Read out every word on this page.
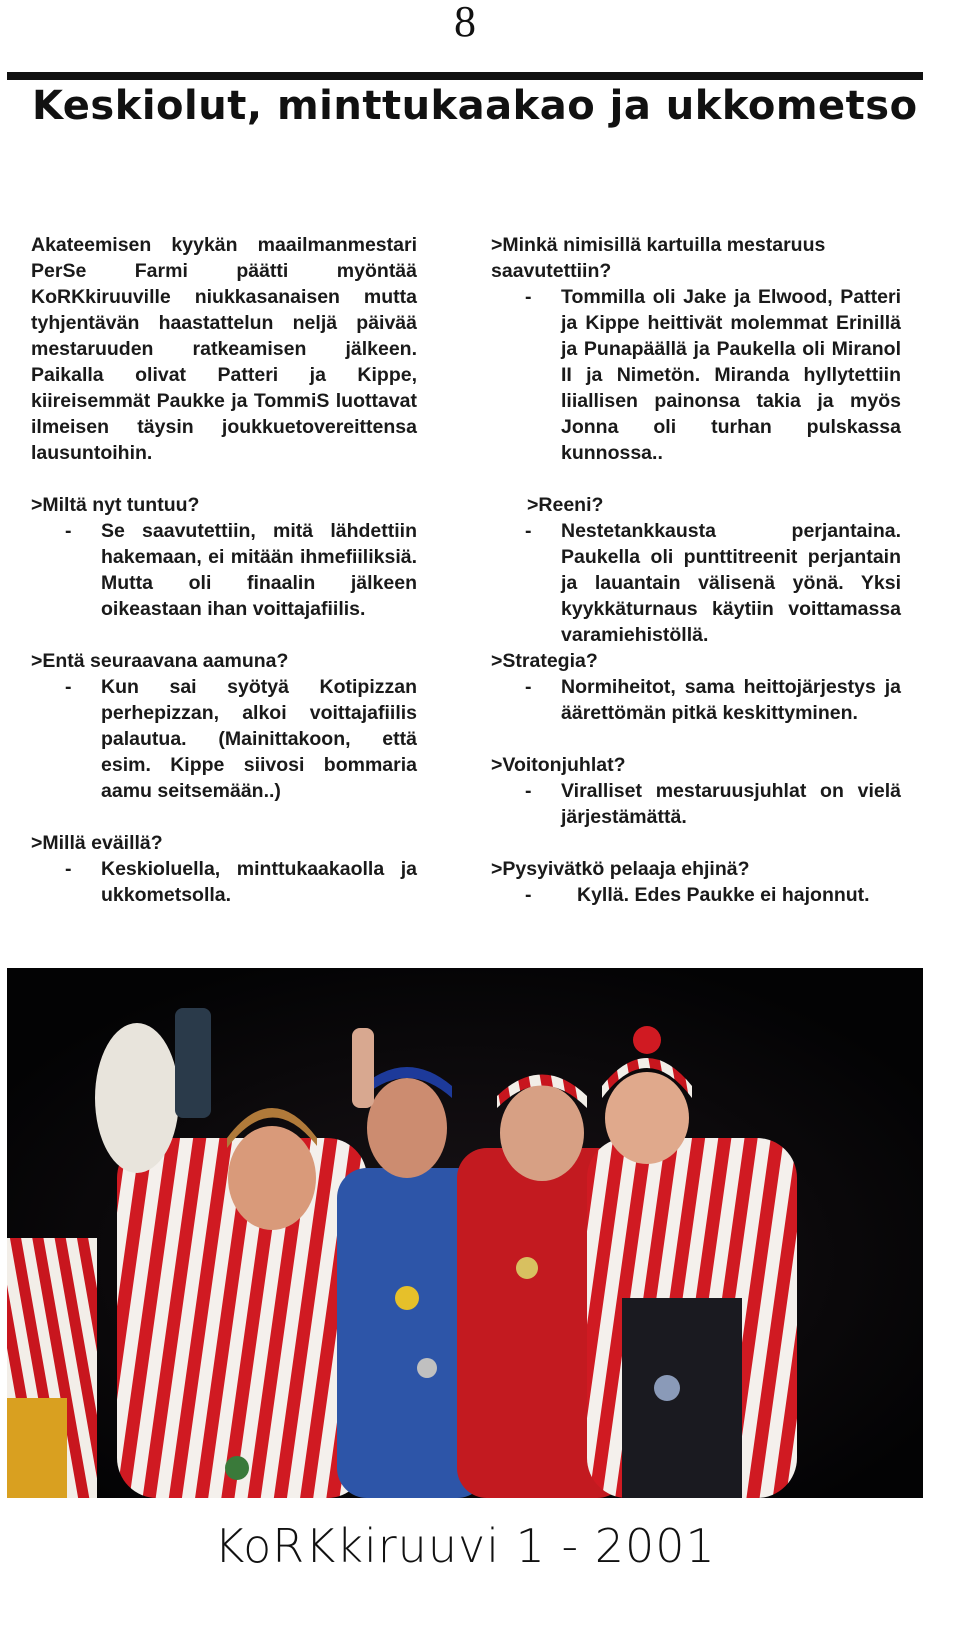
8
Keskiolut, minttukaakao ja ukkometso

Akateemisen kyykän maailmanmestari PerSe Farmi päätti myöntää KoRKkiruuville niukkasanaisen mutta tyhjentävän haastattelun neljä päivää mestaruuden ratkeamisen jälkeen. Paikalla olivat Patteri ja Kippe, kiireisemmät Paukke ja TommiS luottavat ilmeisen täysin joukkuetovereittensa lausuntoihin.

>Miltä nyt tuntuu?

-	Se saavutettiin, mitä lähdettiin hakemaan, ei mitään ihmefiiliksiä. Mutta oli finaalin jälkeen oikeastaan ihan voittajafiilis.

>Entä seuraavana aamuna?

-	Kun sai syötyä Kotipizzan perhepizzan, alkoi voittajafiilis palautua. (Mainittakoon, että esim. Kippe siivosi bommaria aamu seitsemään..)

>Millä eväillä?

-	Keskioluella, minttukaakaolla ja ukkometsolla.

>Minkä nimisillä kartuilla mestaruus saavutettiin?

-	Tommilla oli Jake ja Elwood, Patteri ja Kippe heittivät molemmat Erinillä ja Punapäällä ja Paukella oli Miranol II ja Nimetön. Miranda hyllytettiin liiallisen painonsa takia ja myös Jonna oli turhan pulskassa kunnossa..

>Reeni?

-	Nestetankkausta perjantaina. Paukella oli punttitreenit perjantain ja lauantain välisenä yönä. Yksi kyykkäturnaus käytiin voittamassa varamiehistöllä.

>Strategia?

-	Normiheitot, sama heittojärjestys ja äärettömän pitkä keskittyminen.

>Voitonjuhlat?

-	Viralliset mestaruusjuhlat on vielä järjestämättä.

>Pysyivätkö pelaaja ehjinä?

-	Kyllä. Edes Paukke ei hajonnut.
KoRKkiruuvi 1 - 2001
